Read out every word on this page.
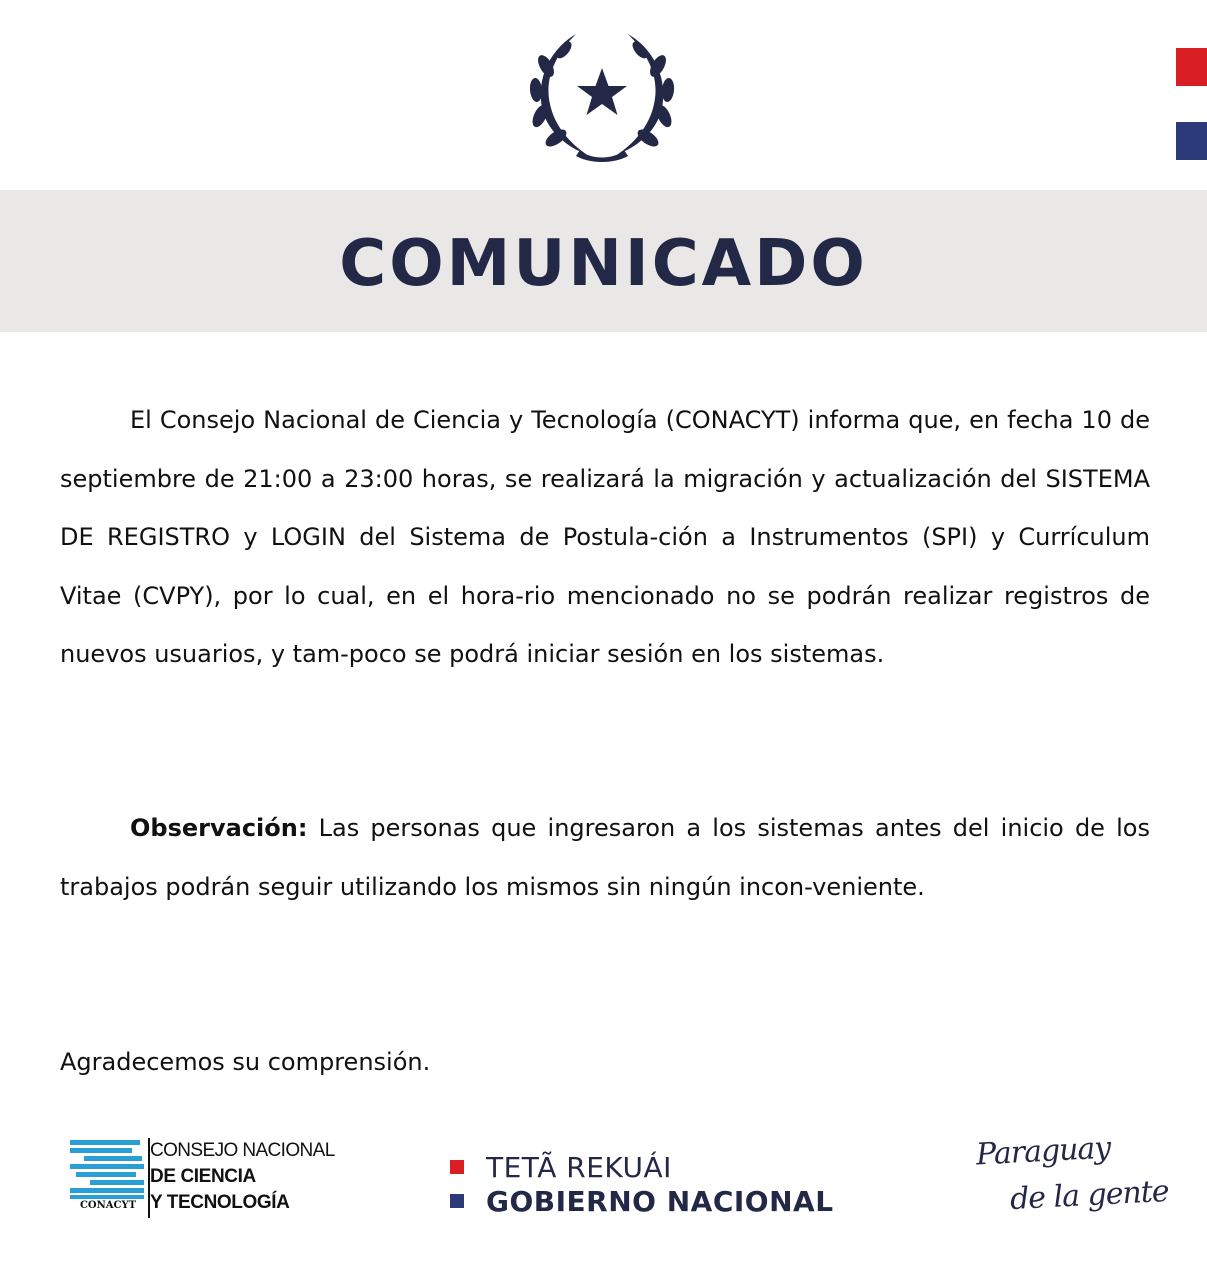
COMUNICADO

El Consejo Nacional de Ciencia y Tecnología (CONACYT) informa que, en fecha 10 de septiembre de 21:00 a 23:00 horas, se realizará la migración y actualización del SISTEMA DE REGISTRO y LOGIN del Sistema de Postula-ción a Instrumentos (SPI) y Currículum Vitae (CVPY), por lo cual, en el hora-rio mencionado no se podrán realizar registros de nuevos usuarios, y tam-poco se podrá iniciar sesión en los sistemas.

Observación: Las personas que ingresaron a los sistemas antes del inicio de los trabajos podrán seguir utilizando los mismos sin ningún incon-veniente.

Agradecemos su comprensión.

CONACYT
CONSEJO NACIONAL
DE CIENCIA
Y TECNOLOGÍA
TETÃ REKUÁI
GOBIERNO NACIONAL
Paraguay
de la gente
